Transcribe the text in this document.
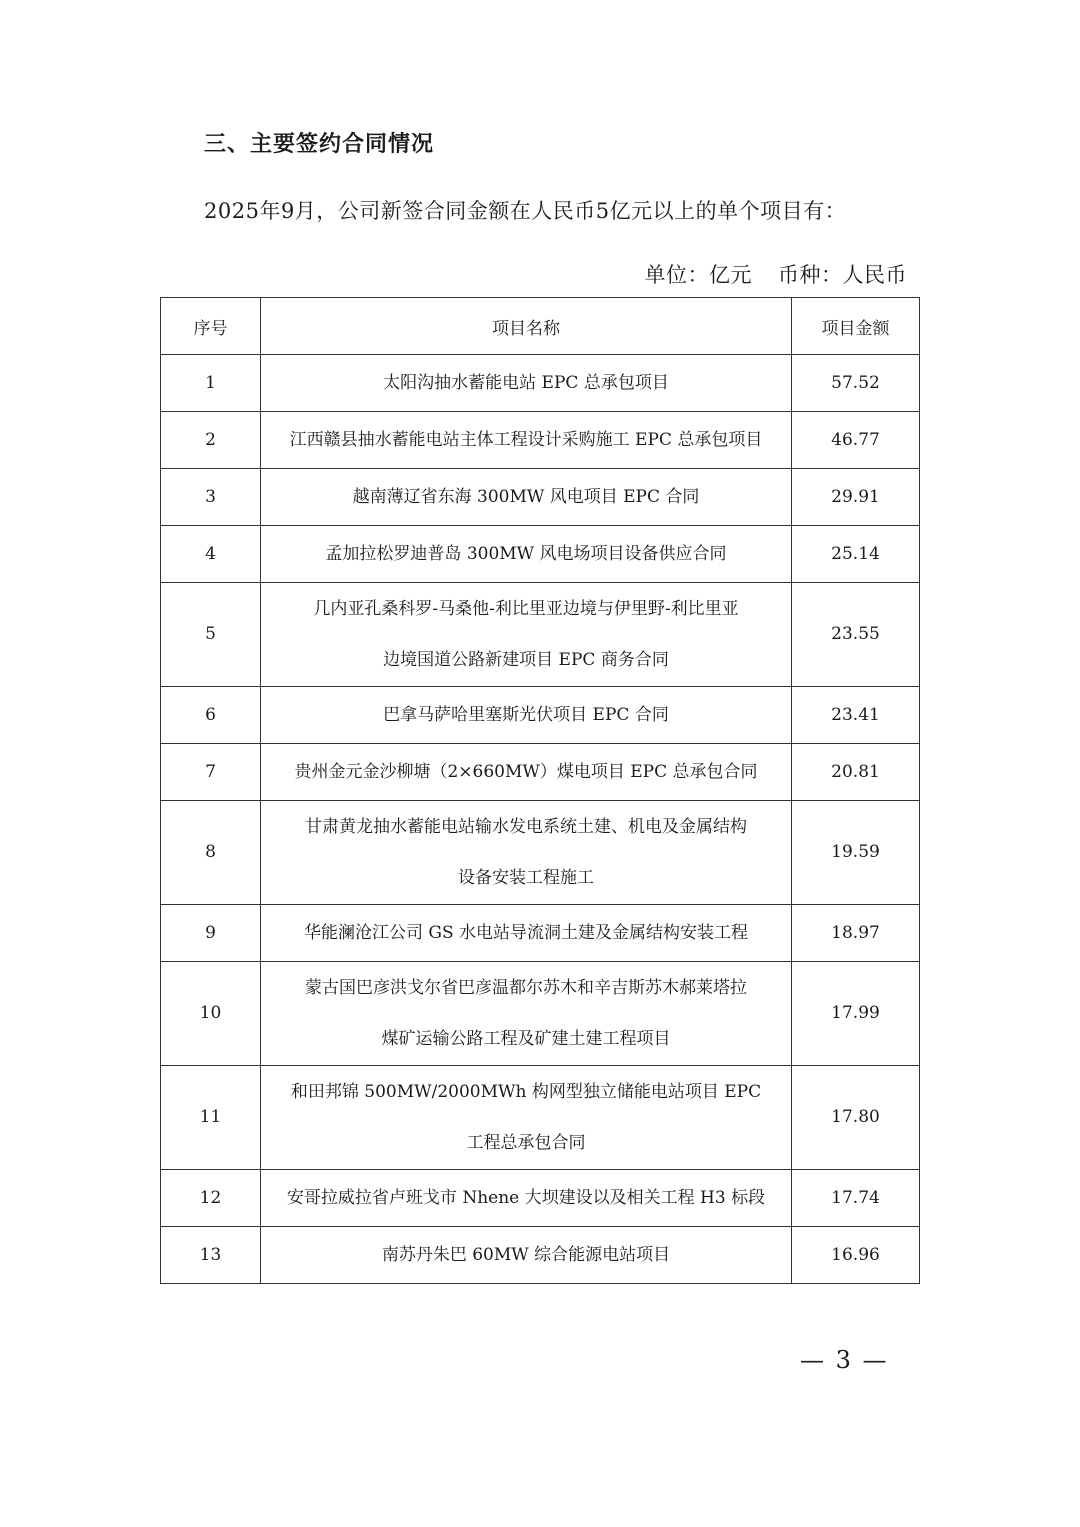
三、主要签约合同情况
2025年9月，公司新签合同金额在人民币5亿元以上的单个项目有：
单位：亿元 币种：人民币
序号	项目名称	项目金额
1	太阳沟抽水蓄能电站 EPC 总承包项目	57.52
2	江西赣县抽水蓄能电站主体工程设计采购施工 EPC 总承包项目	46.77
3	越南薄辽省东海 300MW 风电项目 EPC 合同	29.91
4	孟加拉松罗迪普岛 300MW 风电场项目设备供应合同	25.14
5	几内亚孔桑科罗-马桑他-利比里亚边境与伊里野-利比里亚
边境国道公路新建项目 EPC 商务合同	23.55
6	巴拿马萨哈里塞斯光伏项目 EPC 合同	23.41
7	贵州金元金沙柳塘（2×660MW）煤电项目 EPC 总承包合同	20.81
8	甘肃黄龙抽水蓄能电站输水发电系统土建、机电及金属结构
设备安装工程施工	19.59
9	华能澜沧江公司 GS 水电站导流洞土建及金属结构安装工程	18.97
10	蒙古国巴彦洪戈尔省巴彦温都尔苏木和辛吉斯苏木郝莱塔拉
煤矿运输公路工程及矿建土建工程项目	17.99
11	和田邦锦 500MW/2000MWh 构网型独立储能电站项目 EPC
工程总承包合同	17.80
12	安哥拉威拉省卢班戈市 Nhene 大坝建设以及相关工程 H3 标段	17.74
13	南苏丹朱巴 60MW 综合能源电站项目	16.96
— 3 —
